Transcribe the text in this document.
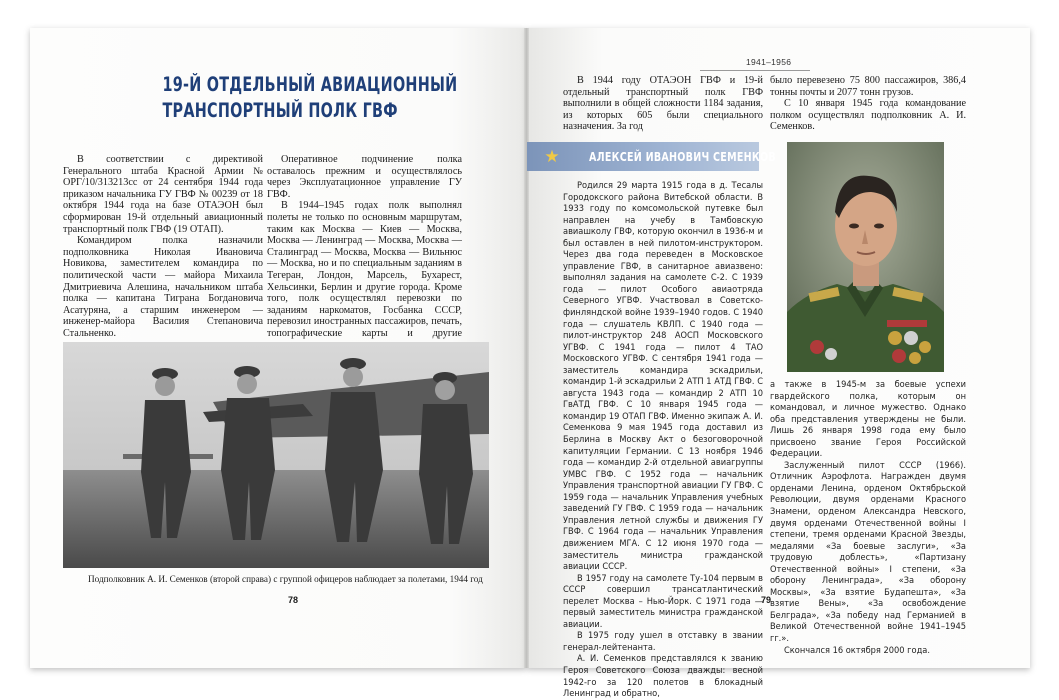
19-Й ОТДЕЛЬНЫЙ АВИАЦИОННЫЙ
ТРАНСПОРТНЫЙ ПОЛК ГВФ

В соответствии с директивой Генерального штаба Красной Армии № ОРГ/10/313213сс от 24 сентября 1944 года приказом начальника ГУ ГВФ № 00239 от 18 октября 1944 года на базе ОТАЭОН был сформирован 19-й отдельный авиационный транспортный полк ГВФ (19 ОТАП).

Командиром полка назначили подполковника Николая Ивановича Новикова, заместителем командира по политической части — майора Михаила Дмитриевича Алешина, начальником штаба полка — капитана Тиграна Богдановича Асатуряна, а старшим инженером — инженер-майора Василия Степановича Стальненко.

Оперативное подчинение полка оставалось прежним и осуществлялось через Эксплуатационное управление ГУ ГВФ.

В 1944–1945 годах полк выполнял полеты не только по основным маршрутам, таким как Москва — Киев — Москва, Москва — Ленинград — Москва, Москва — Сталинград — Москва, Москва — Вильнюс — Москва, но и по специальным заданиям в Тегеран, Лондон, Марсель, Бухарест, Хельсинки, Берлин и другие города. Кроме того, полк осуществлял перевозки по заданиям наркоматов, Госбанка СССР, перевозил иностранных пассажиров, печать, топографические карты и другие

Подполковник А. И. Семенков (второй справа) с группой офицеров наблюдает за полетами, 1944 год
78
1941–1956

В 1944 году ОТАЭОН ГВФ и 19-й отдельный транспортный полк ГВФ выполнили в общей сложности 1184 задания, из которых 605 были специального назначения. За год

было перевезено 75 800 пассажиров, 386,4 тонны почты и 2077 тонн грузов.

С 10 января 1945 года командование полком осуществлял подполковник А. И. Семенков.

★ АЛЕКСЕЙ ИВАНОВИЧ СЕМЕНКОВ

Родился 29 марта 1915 года в д. Тесалы Городокского района Витебской области. В 1933 году по комсомольской путевке был направлен на учебу в Тамбовскую авиашколу ГВФ, которую окончил в 1936-м и был оставлен в ней пилотом-инструктором. Через два года переведен в Московское управление ГВФ, в санитарное авиазвено: выполнял задания на самолете С-2. С 1939 года — пилот Особого авиаотряда Северного УГВФ. Участвовал в Советско-финляндской войне 1939–1940 годов. С 1940 года — слушатель КВЛП. С 1940 года — пилот-инструктор 248 АОСП Московского УГВФ. С 1941 года — пилот 4 ТАО Московского УГВФ. С сентября 1941 года — заместитель командира эскадрильи, командир 1-й эскадрильи 2 АТП 1 АТД ГВФ. С августа 1943 года — командир 2 АТП 10 ГвАТД ГВФ. С 10 января 1945 года — командир 19 ОТАП ГВФ. Именно экипаж А. И. Семенкова 9 мая 1945 года доставил из Берлина в Москву Акт о безоговорочной капитуляции Германии. С 13 ноября 1946 года — командир 2-й отдельной авиагруппы УМВС ГВФ. С 1952 года — начальник Управления транспортной авиации ГУ ГВФ. С 1959 года — начальник Управления учебных заведений ГУ ГВФ. С 1959 года — начальник Управления летной службы и движения ГУ ГВФ. С 1964 года — начальник Управления движением МГА. С 12 июня 1970 года — заместитель министра гражданской авиации СССР.

В 1957 году на самолете Ту-104 первым в СССР совершил трансатлантический перелет Москва – Нью-Йорк. С 1971 года — первый заместитель министра гражданской авиации.

В 1975 году ушел в отставку в звании генерал-лейтенанта.

А. И. Семенков представлялся к званию Героя Советского Союза дважды: весной 1942-го за 120 полетов в блокадный Ленинград и обратно,

а также в 1945-м за боевые успехи гвардейского полка, которым он командовал, и личное мужество. Однако оба представления утверждены не были. Лишь 26 января 1998 года ему было присвоено звание Героя Российской Федерации.

Заслуженный пилот СССР (1966). Отличник Аэрофлота. Награжден двумя орденами Ленина, орденом Октябрьской Революции, двумя орденами Красного Знамени, орденом Александра Невского, двумя орденами Отечественной войны I степени, тремя орденами Красной Звезды, медалями «За боевые заслуги», «За трудовую доблесть», «Партизану Отечественной войны» I степени, «За оборону Ленинграда», «За оборону Москвы», «За взятие Будапешта», «За взятие Вены», «За освобождение Белграда», «За победу над Германией в Великой Отечественной войне 1941–1945 гг.».

Скончался 16 октября 2000 года.

79
